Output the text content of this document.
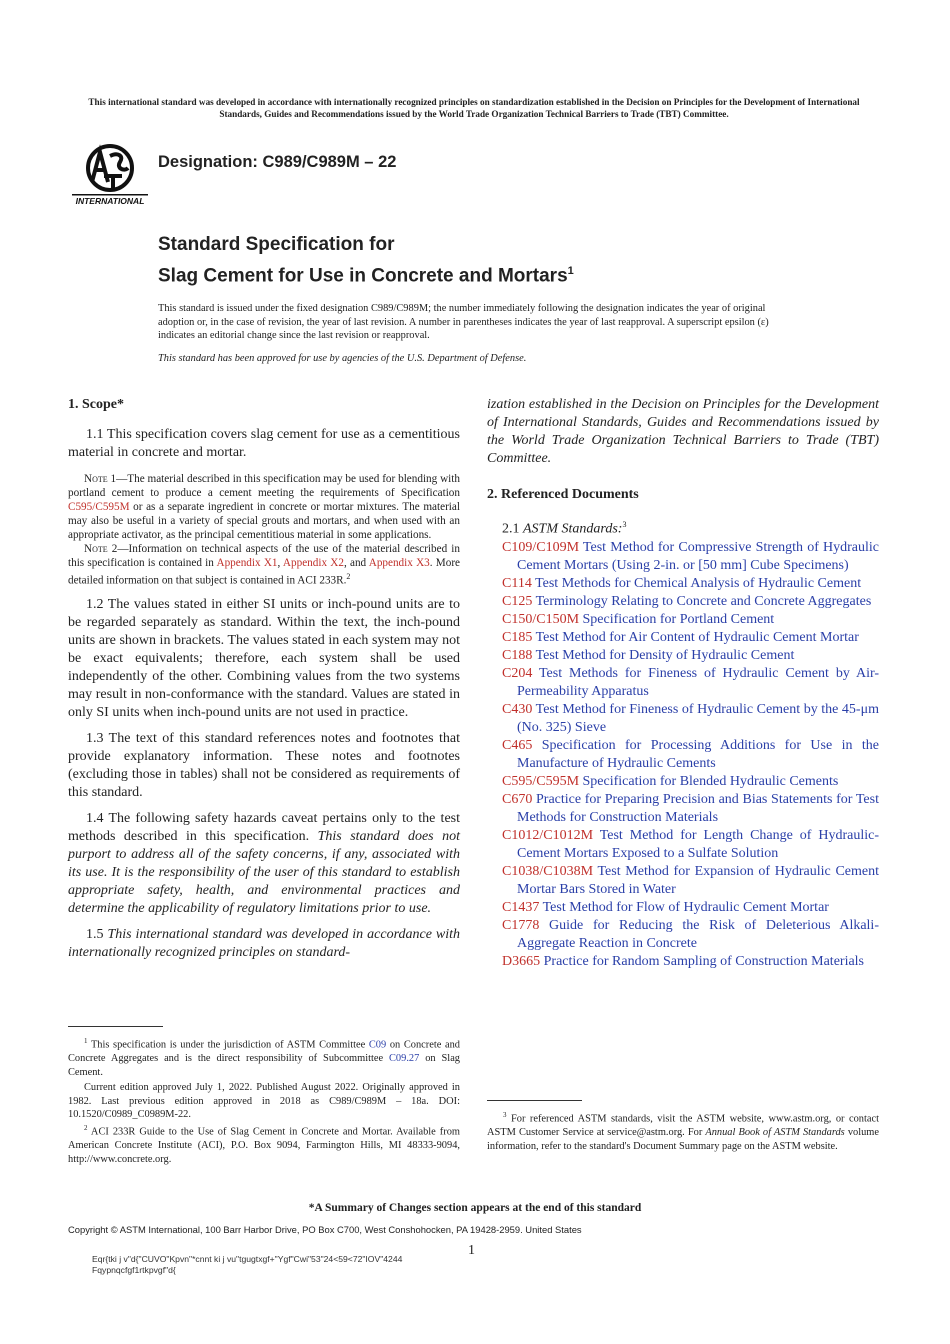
This international standard was developed in accordance with internationally recognized principles on standardization established in the Decision on Principles for the Development of International Standards, Guides and Recommendations issued by the World Trade Organization Technical Barriers to Trade (TBT) Committee.
INTERNATIONAL
Designation: C989/C989M – 22
Standard Specification for
Slag Cement for Use in Concrete and Mortars$^1$
This standard is issued under the fixed designation C989/C989M; the number immediately following the designation indicates the year of original adoption or, in the case of revision, the year of last revision. A number in parentheses indicates the year of last reapproval. A superscript epsilon (ε) indicates an editorial change since the last revision or reapproval.
This standard has been approved for use by agencies of the U.S. Department of Defense.
1. Scope*

1.1 This specification covers slag cement for use as a cementitious material in concrete and mortar.

Note 1—The material described in this specification may be used for blending with portland cement to produce a cement meeting the requirements of Specification C595/C595M or as a separate ingredient in concrete or mortar mixtures. The material may also be useful in a variety of special grouts and mortars, and when used with an appropriate activator, as the principal cementitious material in some applications.

Note 2—Information on technical aspects of the use of the material described in this specification is contained in Appendix X1, Appendix X2, and Appendix X3. More detailed information on that subject is contained in ACI 233R.$^2$

1.2 The values stated in either SI units or inch-pound units are to be regarded separately as standard. Within the text, the inch-pound units are shown in brackets. The values stated in each system may not be exact equivalents; therefore, each system shall be used independently of the other. Combining values from the two systems may result in non-conformance with the standard. Values are stated in only SI units when inch-pound units are not used in practice.

1.3 The text of this standard references notes and footnotes that provide explanatory information. These notes and footnotes (excluding those in tables) shall not be considered as requirements of this standard.

1.4 The following safety hazards caveat pertains only to the test methods described in this specification. This standard does not purport to address all of the safety concerns, if any, associated with its use. It is the responsibility of the user of this standard to establish appropriate safety, health, and environmental practices and determine the applicability of regulatory limitations prior to use.

1.5 This international standard was developed in accordance with internationally recognized principles on standard-

$^1$ This specification is under the jurisdiction of ASTM Committee C09 on Concrete and Concrete Aggregates and is the direct responsibility of Subcommittee C09.27 on Slag Cement.

Current edition approved July 1, 2022. Published August 2022. Originally approved in 1982. Last previous edition approved in 2018 as C989/C989M – 18a. DOI: 10.1520/C0989_C0989M-22.

$^2$ ACI 233R Guide to the Use of Slag Cement in Concrete and Mortar. Available from American Concrete Institute (ACI), P.O. Box 9094, Farmington Hills, MI 48333-9094, http://www.concrete.org.

ization established in the Decision on Principles for the Development of International Standards, Guides and Recommendations issued by the World Trade Organization Technical Barriers to Trade (TBT) Committee.

2. Referenced Documents

2.1 ASTM Standards:$^3$

C109/C109M Test Method for Compressive Strength of Hydraulic Cement Mortars (Using 2-in. or [50 mm] Cube Specimens)

C114 Test Methods for Chemical Analysis of Hydraulic Cement

C125 Terminology Relating to Concrete and Concrete Aggregates

C150/C150M Specification for Portland Cement

C185 Test Method for Air Content of Hydraulic Cement Mortar

C188 Test Method for Density of Hydraulic Cement

C204 Test Methods for Fineness of Hydraulic Cement by Air-Permeability Apparatus

C430 Test Method for Fineness of Hydraulic Cement by the 45-μm (No. 325) Sieve

C465 Specification for Processing Additions for Use in the Manufacture of Hydraulic Cements

C595/C595M Specification for Blended Hydraulic Cements

C670 Practice for Preparing Precision and Bias Statements for Test Methods for Construction Materials

C1012/C1012M Test Method for Length Change of Hydraulic-Cement Mortars Exposed to a Sulfate Solution

C1038/C1038M Test Method for Expansion of Hydraulic Cement Mortar Bars Stored in Water

C1437 Test Method for Flow of Hydraulic Cement Mortar

C1778 Guide for Reducing the Risk of Deleterious Alkali-Aggregate Reaction in Concrete

D3665 Practice for Random Sampling of Construction Materials

$^3$ For referenced ASTM standards, visit the ASTM website, www.astm.org, or contact ASTM Customer Service at service@astm.org. For Annual Book of ASTM Standards volume information, refer to the standard's Document Summary page on the ASTM website.

*A Summary of Changes section appears at the end of this standard
Copyright © ASTM International, 100 Barr Harbor Drive, PO Box C700, West Conshohocken, PA 19428-2959. United States
1
Eqr{tki j v"d{"CUVO"Kpvn"*cnnt ki j vu"tgugtxgf+"Ygf"Cwi"53"24<59<72"IOV"4244
Fqypnqcfgf1rtkpvgf"d{
